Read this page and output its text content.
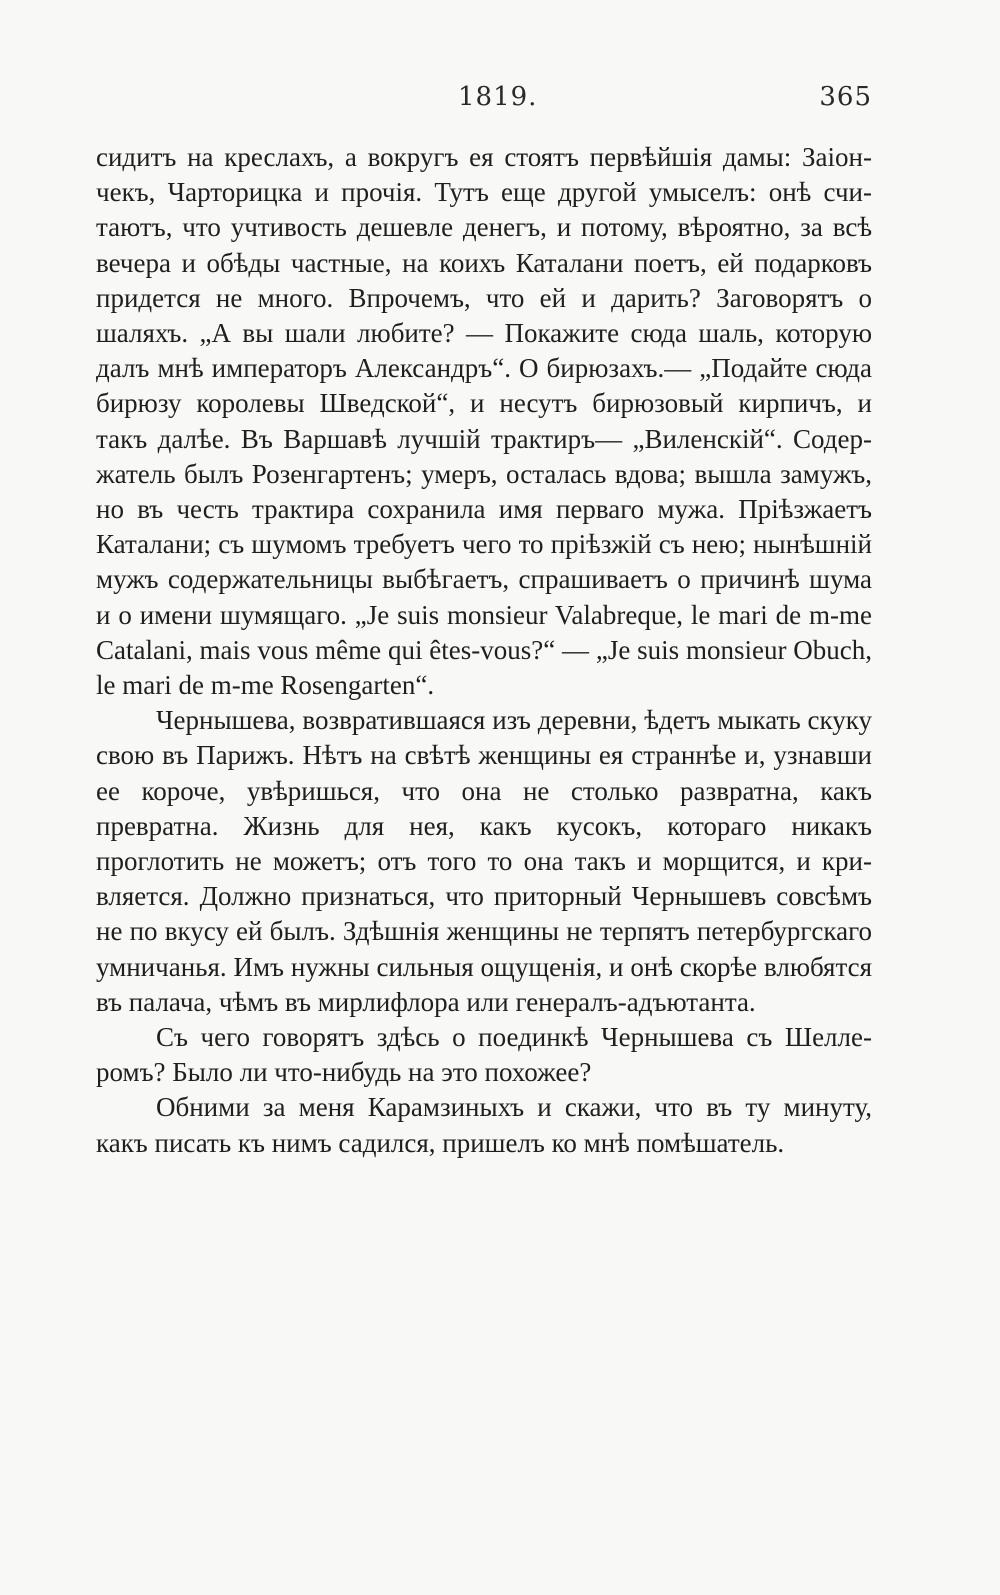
1819.	365

сидитъ на креслахъ, а вокругъ ея стоятъ первѣйшія дамы: Заiончекъ, Чарторицка и прочія. Тутъ еще другой умыселъ: онѣ считаютъ, что учтивость дешевле денегъ, и потому, вѣроятно, за всѣ вечера и обѣды частные, на коихъ Каталани поетъ, ей подарковъ придется не много. Впрочемъ, что ей и дарить? Заговорятъ о шаляхъ. „А вы шали любите? — Покажите сюда шаль, которую далъ мнѣ императоръ Александръ“. О бирюзахъ.— „Подайте сюда бирюзу королевы Шведской“, и несутъ бирюзовый кирпичъ, и такъ далѣе. Въ Варшавѣ лучшій трактиръ— „Виленскій“. Содержатель былъ Розенгартенъ; умеръ, осталась вдова; вышла замужъ, но въ честь трактира сохранила имя перваго мужа. Пріѣзжаетъ Каталани; съ шумомъ требуетъ чего то пріѣзжій съ нею; нынѣшній мужъ содержательницы выбѣгаетъ, спрашиваетъ о причинѣ шума и о имени шумящаго. „Je suis monsieur Valabreque, le mari de m-me Catalani, mais vous même qui êtes-vous?“ — „Je suis monsieur Obuch, le mari de m-me Rosengarten“.

Чернышева, возвратившаяся изъ деревни, ѣдетъ мыкать скуку свою въ Парижъ. Нѣтъ на свѣтѣ женщины ея страннѣе и, узнавши ее короче, увѣришься, что она не столько развратна, какъ превратна. Жизнь для нея, какъ кусокъ, котораго никакъ проглотить не можетъ; отъ того то она такъ и морщится, и кривляется. Должно признаться, что приторный Чернышевъ совсѣмъ не по вкусу ей былъ. Здѣшнія женщины не терпятъ петербургскаго умничанья. Имъ нужны сильныя ощущенія, и онѣ скорѣе влюбятся въ палача, чѣмъ въ мирлифлора или генералъ-адъютанта.

Съ чего говорятъ здѣсь о поединкѣ Чернышева съ Шеллеромъ? Было ли что-нибудь на это похожее?

Обними за меня Карамзиныхъ и скажи, что въ ту минуту, какъ писать къ нимъ садился, пришелъ ко мнѣ помѣшатель.
